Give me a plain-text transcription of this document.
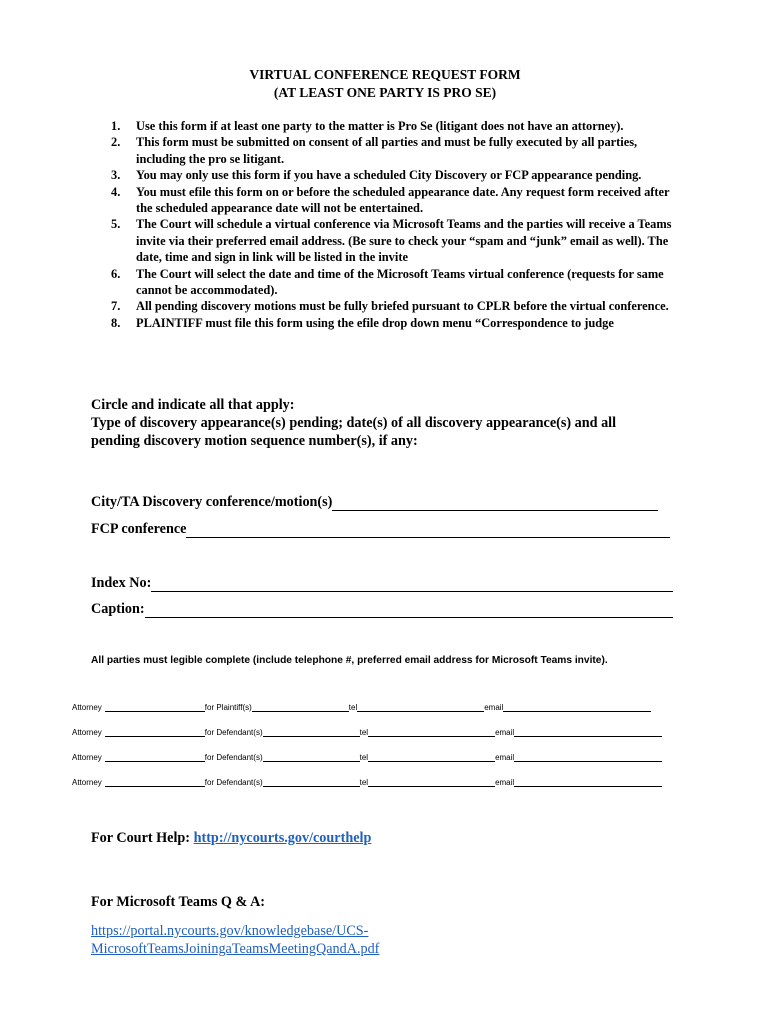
VIRTUAL CONFERENCE REQUEST FORM
(AT LEAST ONE PARTY IS PRO SE)
1.	Use this form if at least one party to the matter is Pro Se (litigant does not have an attorney).
2.	This form must be submitted on consent of all parties and must be fully executed by all parties, including the pro se litigant.
3.	You may only use this form if you have a scheduled City Discovery or FCP appearance pending.
4.	You must efile this form on or before the scheduled appearance date. Any request form received after the scheduled appearance date will not be entertained.
5.	The Court will schedule a virtual conference via Microsoft Teams and the parties will receive a Teams invite via their preferred email address. (Be sure to check your “spam and “junk” email as well). The date, time and sign in link will be listed in the invite
6.	The Court will select the date and time of the Microsoft Teams virtual conference (requests for same cannot be accommodated).
7.	All pending discovery motions must be fully briefed pursuant to CPLR before the virtual conference.
8.	PLAINTIFF must file this form using the efile drop down menu “Correspondence to judge
Circle and indicate all that apply:
Type of discovery appearance(s) pending; date(s) of all discovery appearance(s) and all
pending discovery motion sequence number(s), if any:
City/TA Discovery conference/motion(s)
FCP conference
Index No:
Caption:
All parties must legible complete (include telephone #, preferred email address for Microsoft Teams invite).
Attorney	for Plaintiff(s)	tel	email
Attorney	for Defendant(s)	tel	email
Attorney	for Defendant(s)	tel	email
Attorney	for Defendant(s)	tel	email
For Court Help: http://nycourts.gov/courthelp
For Microsoft Teams Q & A:
https://portal.nycourts.gov/knowledgebase/UCS-
MicrosoftTeamsJoiningaTeamsMeetingQandA.pdf
